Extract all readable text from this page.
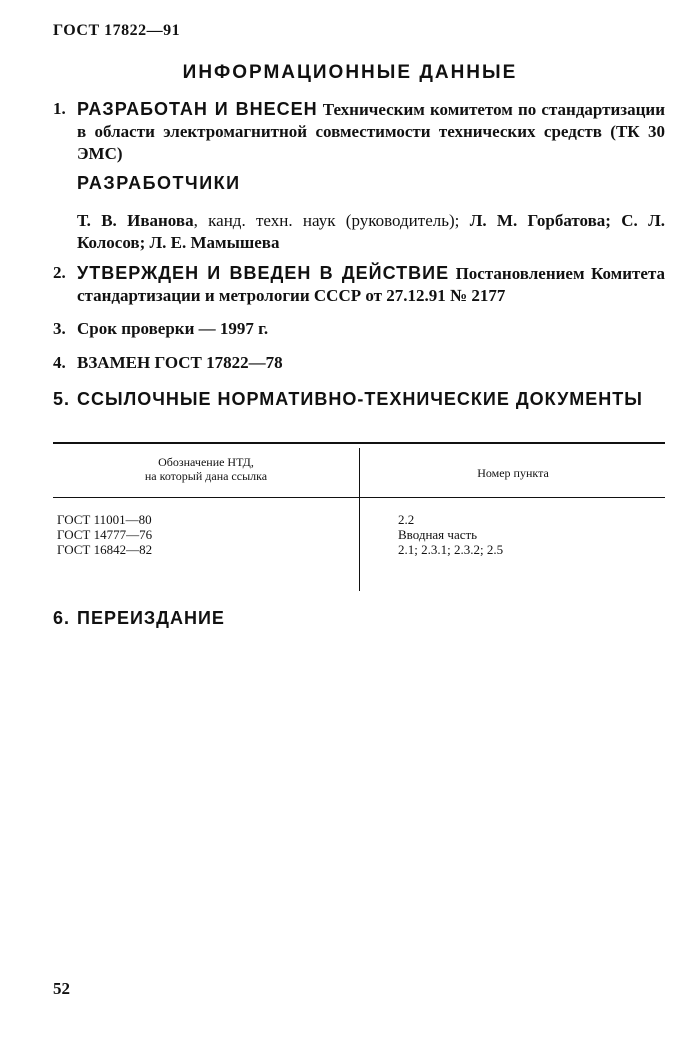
ГОСТ 17822—91
ИНФОРМАЦИОННЫЕ ДАННЫЕ
1. РАЗРАБОТАН И ВНЕСЕН Техническим комитетом по стандартизации в области электромагнитной совместимости технических средств (ТК 30 ЭМС)
РАЗРАБОТЧИКИ
Т. В. Иванова, канд. техн. наук (руководитель); Л. М. Горбатова; С. Л. Колосов; Л. Е. Мамышева
2. УТВЕРЖДЕН И ВВЕДЕН В ДЕЙСТВИЕ Постановлением Комитета стандартизации и метрологии СССР от 27.12.91 № 2177
3. Срок проверки — 1997 г.
4. ВЗАМЕН ГОСТ 17822—78
5. ССЫЛОЧНЫЕ НОРМАТИВНО-ТЕХНИЧЕСКИЕ ДОКУМЕНТЫ
Обозначение НТД,
на который дана ссылка	Номер пункта
ГОСТ 11001—80
ГОСТ 14777—76
ГОСТ 16842—82
2.2
Вводная часть
2.1; 2.3.1; 2.3.2; 2.5
6. ПЕРЕИЗДАНИЕ
52
